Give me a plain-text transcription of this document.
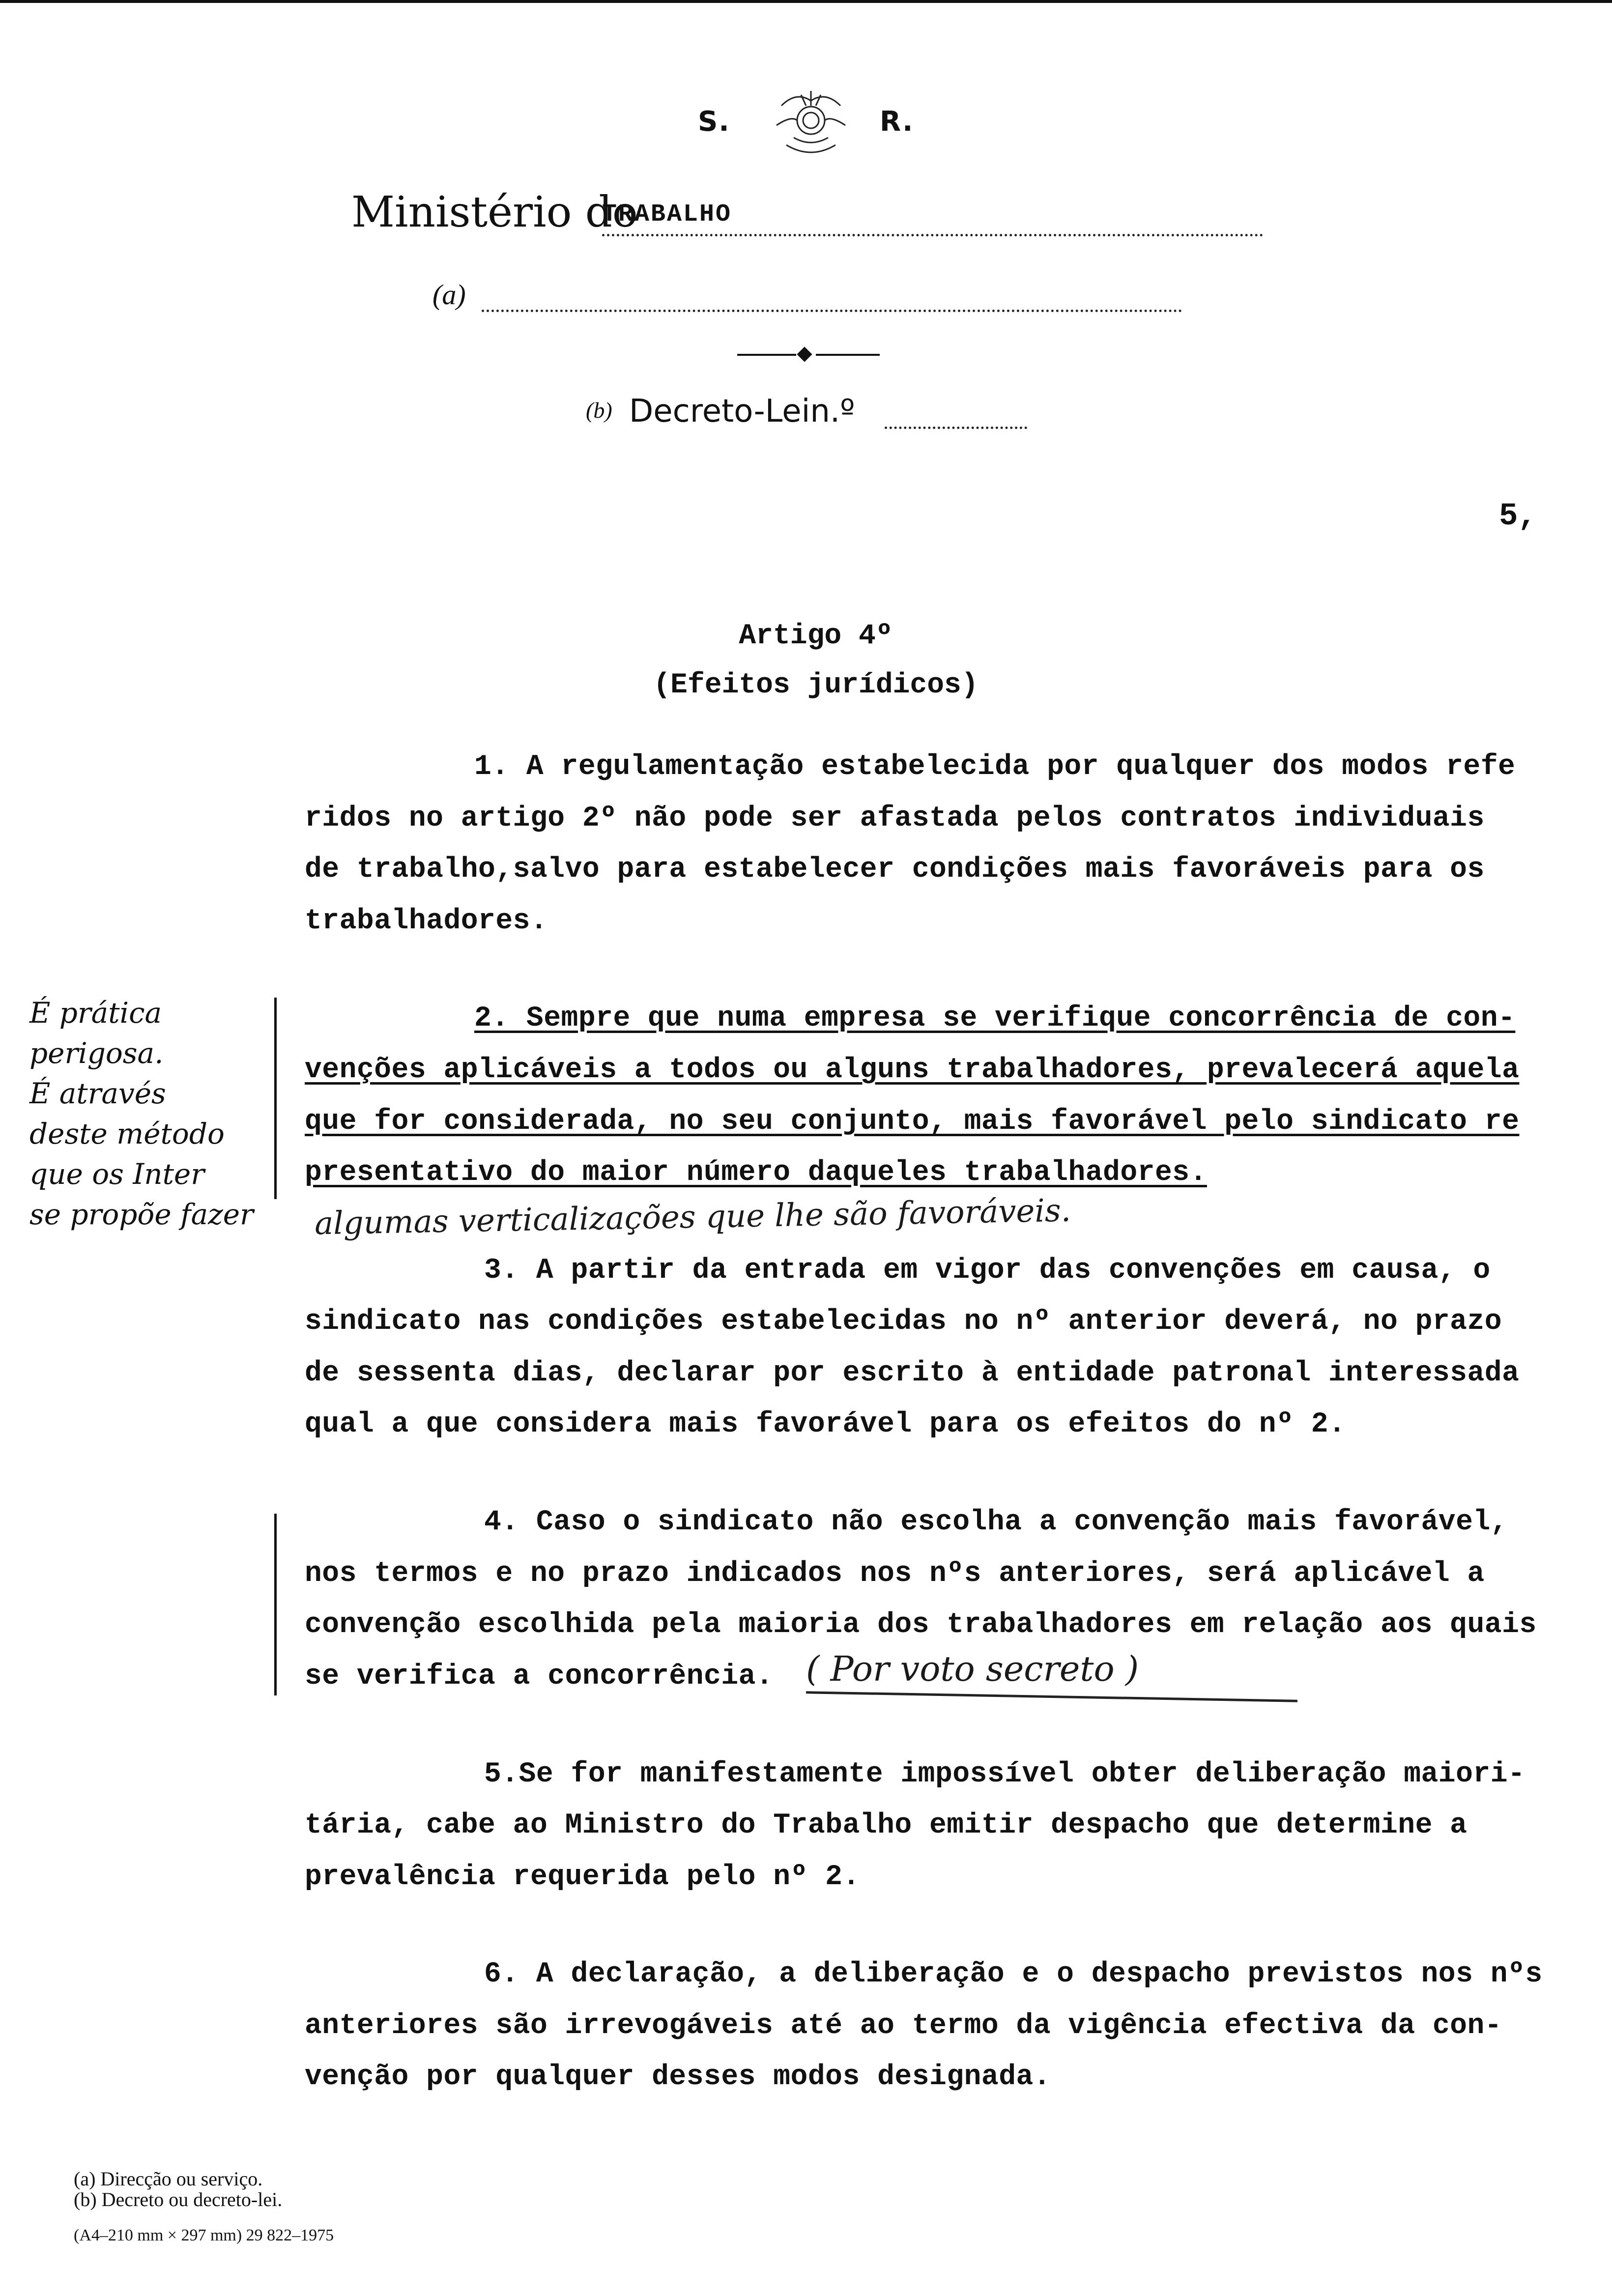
S.	R.
Ministério do
TRABALHO
(a)
(b) Decreto-Lein.º
5,
Artigo 4º
(Efeitos jurídicos)
1. A regulamentação estabelecida por qualquer dos modos refe
ridos no artigo 2º não pode ser afastada pelos contratos individuais
de trabalho,salvo para estabelecer condições mais favoráveis para os
trabalhadores.
2. Sempre que numa empresa se verifique concorrência de con-
venções aplicáveis a todos ou alguns trabalhadores, prevalecerá aquela
que for considerada, no seu conjunto, mais favorável pelo sindicato re
presentativo do maior número daqueles trabalhadores.
3. A partir da entrada em vigor das convenções em causa, o
sindicato nas condições estabelecidas no nº anterior deverá, no prazo
de sessenta dias, declarar por escrito à entidade patronal interessada
qual a que considera mais favorável para os efeitos do nº 2.
4. Caso o sindicato não escolha a convenção mais favorável,
nos termos e no prazo indicados nos nºs anteriores, será aplicável a
convenção escolhida pela maioria dos trabalhadores em relação aos quais
se verifica a concorrência.
5.Se for manifestamente impossível obter deliberação maiori-
tária, cabe ao Ministro do Trabalho emitir despacho que determine a
prevalência requerida pelo nº 2.
6. A declaração, a deliberação e o despacho previstos nos nºs
anteriores são irrevogáveis até ao termo da vigência efectiva da con-
venção por qualquer desses modos designada.
É prática
perigosa.
É através
deste método
que os Inter
se propõe fazer algumas verticalizações que lhe são favoráveis.
( Por voto secreto )
(a) Direcção ou serviço.
(b) Decreto ou decreto-lei.
(A4–210 mm × 297 mm) 29 822–1975
